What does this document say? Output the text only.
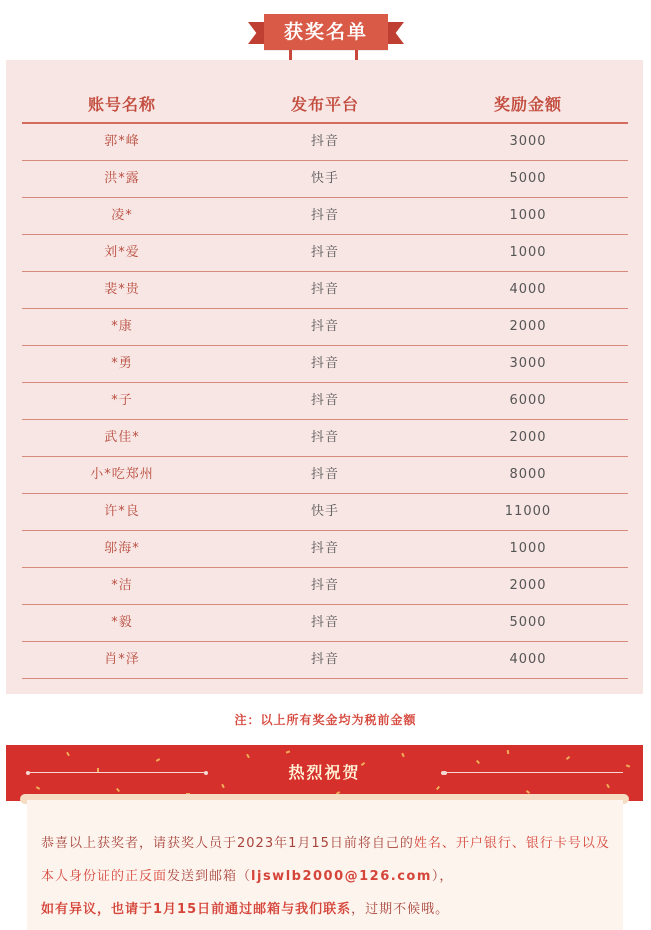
获奖名单
账号名称	发布平台	奖励金额
郭*峰	抖音	3000
洪*露	快手	5000
凌*	抖音	1000
刘*爱	抖音	1000
裴*贵	抖音	4000
*康	抖音	2000
*勇	抖音	3000
*子	抖音	6000
武佳*	抖音	2000
小*吃郑州	抖音	8000
许*良	快手	11000
邬海*	抖音	1000
*洁	抖音	2000
*毅	抖音	5000
肖*泽	抖音	4000
注：以上所有奖金均为税前金额
热烈祝贺
恭喜以上获奖者，请获奖人员于2023年1月15日前将自己的姓名、开户银行、银行卡号以及本人身份证的正反面发送到邮箱（ljswlb2000@126.com），
如有异议，也请于1月15日前通过邮箱与我们联系，过期不候哦。
